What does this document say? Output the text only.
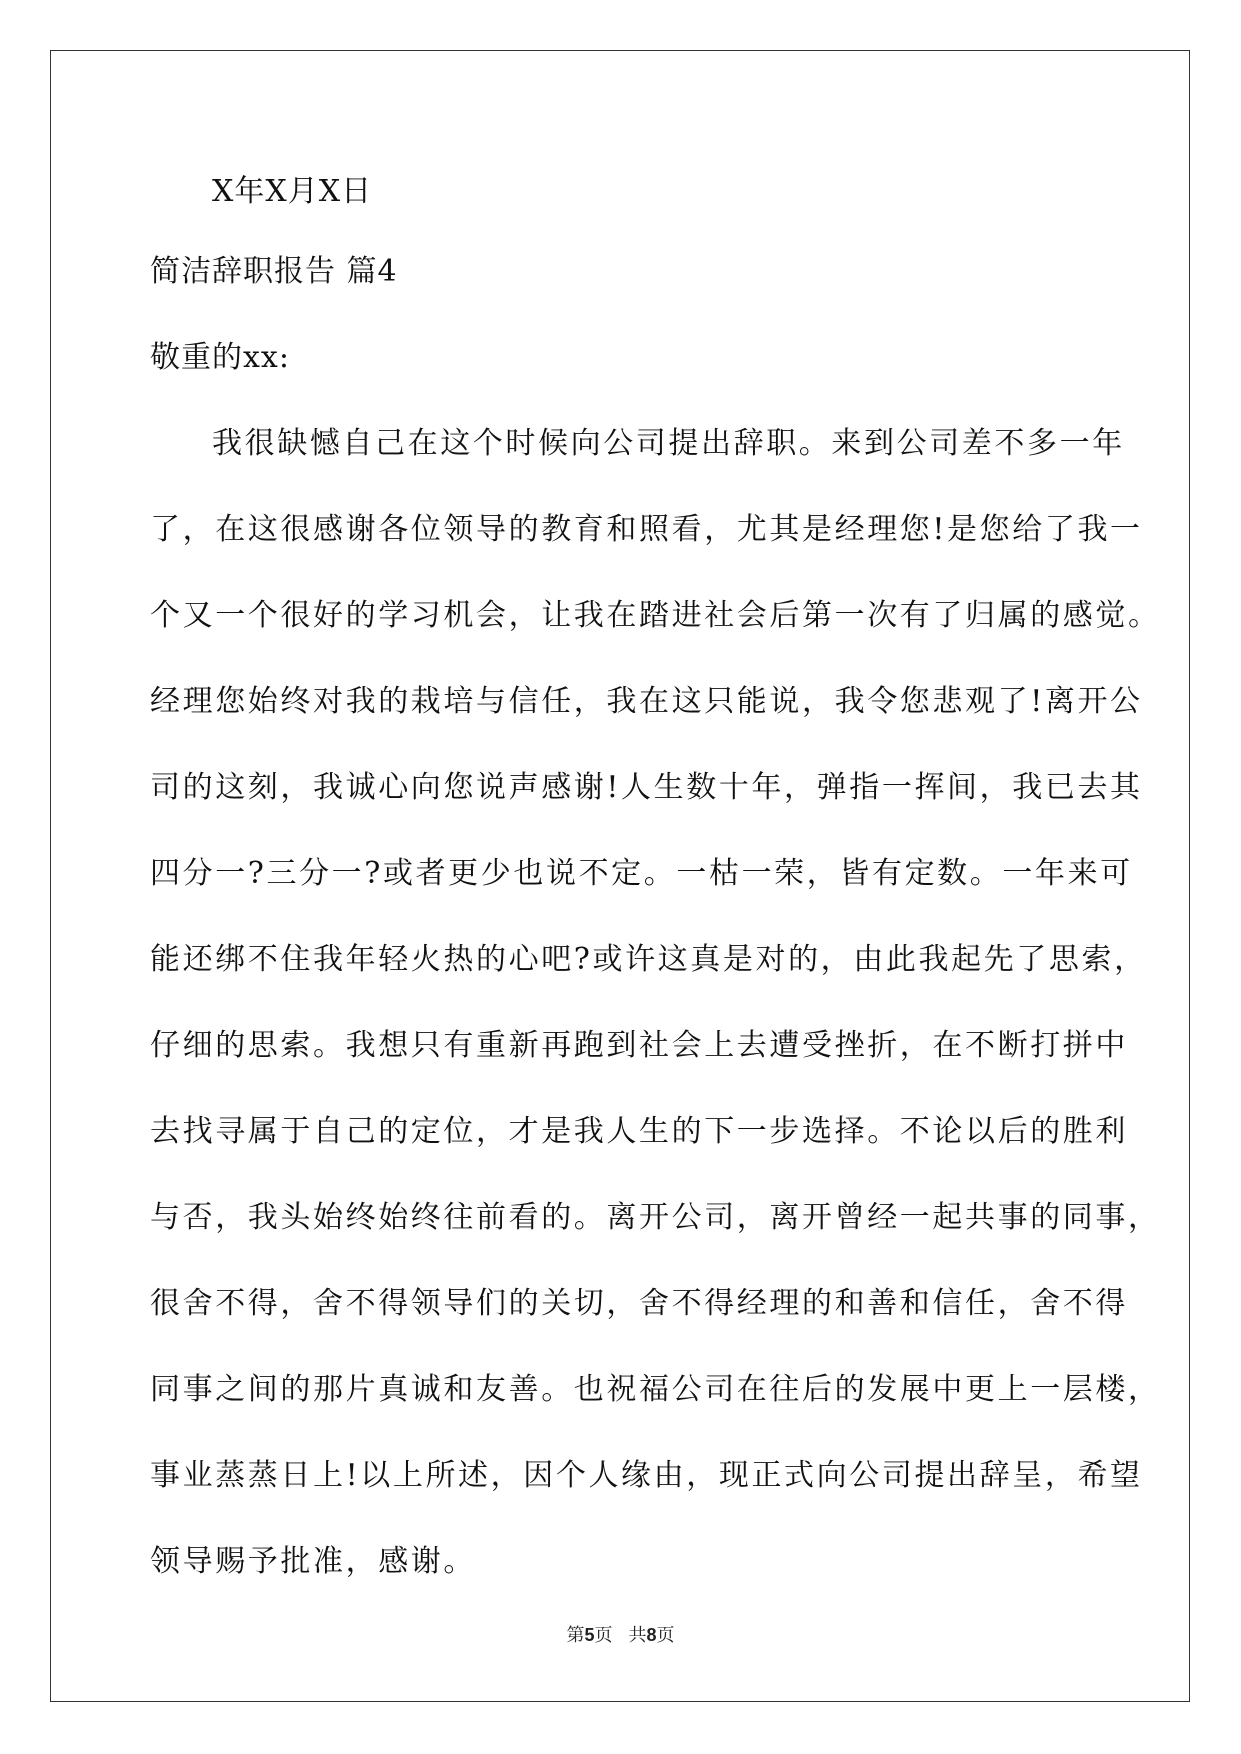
X年X月X日
简洁辞职报告 篇4
敬重的xx:
我很缺憾自己在这个时候向公司提出辞职。来到公司差不多一年
了，在这很感谢各位领导的教育和照看，尤其是经理您!是您给了我一
个又一个很好的学习机会，让我在踏进社会后第一次有了归属的感觉。
经理您始终对我的栽培与信任，我在这只能说，我令您悲观了!离开公
司的这刻，我诚心向您说声感谢!人生数十年，弹指一挥间，我已去其
四分一?三分一?或者更少也说不定。一枯一荣，皆有定数。一年来可
能还绑不住我年轻火热的心吧?或许这真是对的，由此我起先了思索，
仔细的思索。我想只有重新再跑到社会上去遭受挫折，在不断打拼中
去找寻属于自己的定位，才是我人生的下一步选择。不论以后的胜利
与否，我头始终始终往前看的。离开公司，离开曾经一起共事的同事，
很舍不得，舍不得领导们的关切，舍不得经理的和善和信任，舍不得
同事之间的那片真诚和友善。也祝福公司在往后的发展中更上一层楼，
事业蒸蒸日上!以上所述，因个人缘由，现正式向公司提出辞呈，希望
领导赐予批准，感谢。
第5页 共8页
